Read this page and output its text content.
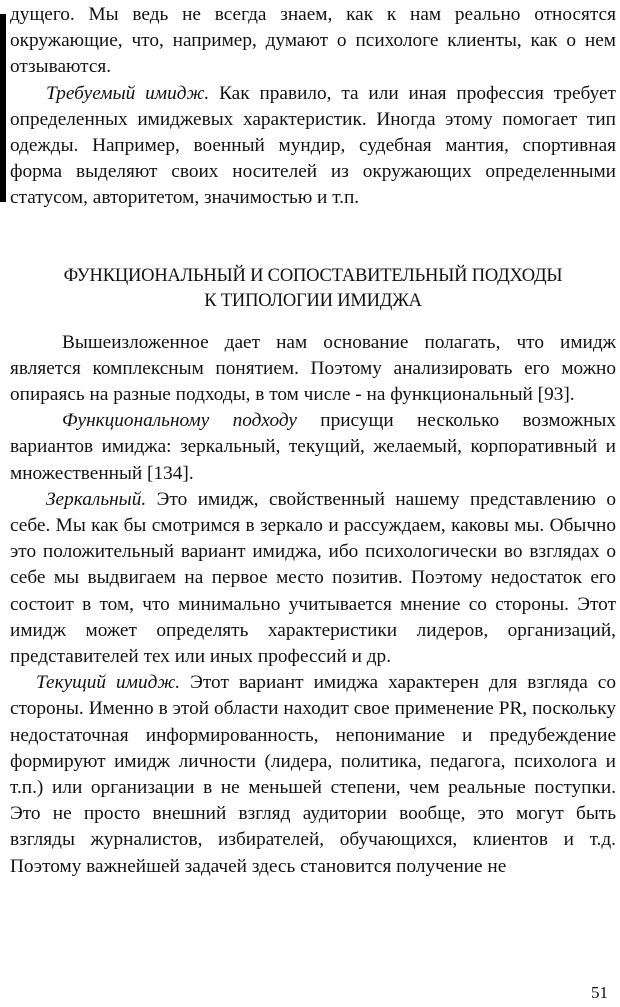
дущего. Мы ведь не всегда знаем, как к нам реально относятся окружающие, что, например, думают о психологе клиенты, как о нем отзываются.

Требуемый имидж. Как правило, та или иная профессия требует определенных имиджевых характеристик. Иногда этому помогает тип одежды. Например, военный мундир, судебная мантия, спортивная форма выделяют своих носителей из окружающих определенными статусом, авторитетом, значимостью и т.п.

ФУНКЦИОНАЛЬНЫЙ И СОПОСТАВИТЕЛЬНЫЙ ПОДХОДЫ
К ТИПОЛОГИИ ИМИДЖА

Вышеизложенное дает нам основание полагать, что имидж является комплексным понятием. Поэтому анализировать его можно опираясь на разные подходы, в том числе - на функциональный [93].

Функциональному подходу присущи несколько возможных вариантов имиджа: зеркальный, текущий, желаемый, корпоративный и множественный [134].

Зеркальный. Это имидж, свойственный нашему представлению о себе. Мы как бы смотримся в зеркало и рассуждаем, каковы мы. Обычно это положительный вариант имиджа, ибо психологически во взглядах о себе мы выдвигаем на первое место позитив. Поэтому недостаток его состоит в том, что минимально учитывается мнение со стороны. Этот имидж может определять характеристики лидеров, организаций, представителей тех или иных профессий и др.

Текущий имидж. Этот вариант имиджа характерен для взгляда со стороны. Именно в этой области находит свое применение PR, поскольку недостаточная информированность, непонимание и предубеждение формируют имидж личности (лидера, политика, педагога, психолога и т.п.) или организации в не меньшей степени, чем реальные поступки. Это не просто внешний взгляд аудитории вообще, это могут быть взгляды журналистов, избирателей, обучающихся, клиентов и т.д. Поэтому важнейшей задачей здесь становится получение не

51
